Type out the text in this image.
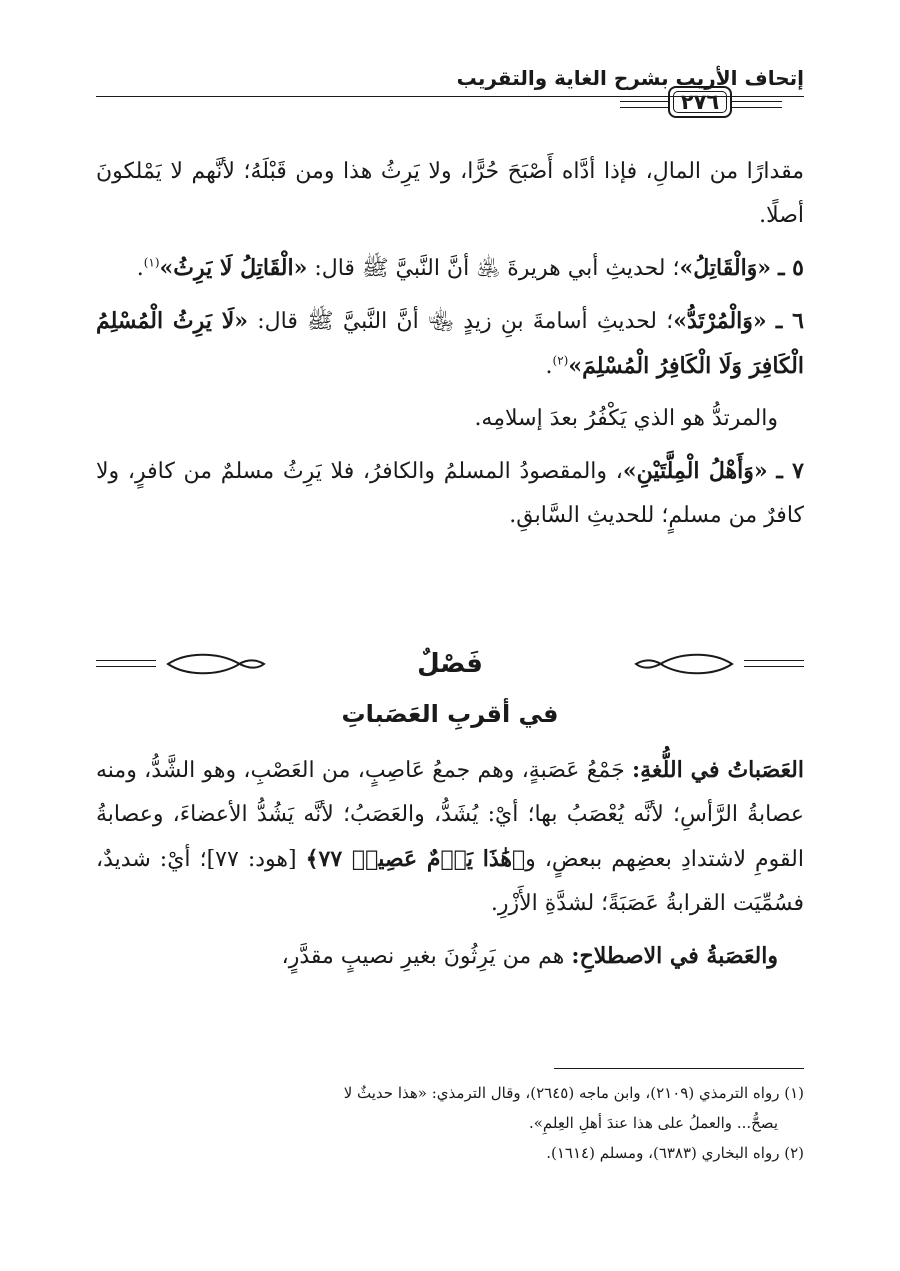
إتحاف الأريب بشرح الغاية والتقريب
٢٧٦

مقدارًا من المالِ، فإذا أدَّاه أَصْبَحَ حُرًّا، ولا يَرِثُ هذا ومن قَبْلَهُ؛ لأنَّهم لا يَمْلكونَ أصلًا.

٥ ـ «وَالْقَاتِلُ»؛ لحديثِ أبي هريرةَ ﵁ أنَّ النَّبيَّ ﷺ قال: «الْقَاتِلُ لَا يَرِثُ»$^{(١)}$.

٦ ـ «وَالْمُرْتَدُّ»؛ لحديثِ أسامةَ بنِ زيدٍ ﵄ أنَّ النَّبيَّ ﷺ قال: «لَا يَرِثُ الْمُسْلِمُ الْكَافِرَ وَلَا الْكَافِرُ الْمُسْلِمَ»$^{(٢)}$.

والمرتدُّ هو الذي يَكْفُرُ بعدَ إسلامِه.

٧ ـ «وَأَهْلُ الْمِلَّتَيْنِ»، والمقصودُ المسلمُ والكافرُ، فلا يَرِثُ مسلمٌ من كافرٍ، ولا كافرٌ من مسلمٍ؛ للحديثِ السَّابقِ.

فَصْلٌ
في أقربِ العَصَباتِ

العَصَباتُ في اللُّغةِ: جَمْعُ عَصَبةٍ، وهم جمعُ عَاصِبٍ، من العَصْبِ، وهو الشَّدُّ، ومنه عصابةُ الرَّأسِ؛ لأنَّه يُعْصَبُ بها؛ أيْ: يُشَدُّ، والعَصَبُ؛ لأنَّه يَشُدُّ الأعضاءَ، وعصابةُ القومِ لاشتدادِ بعضِهم ببعضٍ، و﴿هَٰذَا يَوۡمٌ عَصِيبٞ ٧٧﴾ [هود: ٧٧]؛ أيْ: شديدٌ، فسُمِّيَت القرابةُ عَصَبَةً؛ لشدَّةِ الأَزْرِ.

والعَصَبةُ في الاصطلاحِ: هم من يَرِثُونَ بغيرِ نصيبٍ مقدَّرٍ،

(١) رواه الترمذي (٢١٠٩)، وابن ماجه (٢٦٤٥)، وقال الترمذي: «هذا حديثٌ لا

يصحُّ... والعملُ على هذا عندَ أهلِ العِلمِ».

(٢) رواه البخاري (٦٣٨٣)، ومسلم (١٦١٤).
